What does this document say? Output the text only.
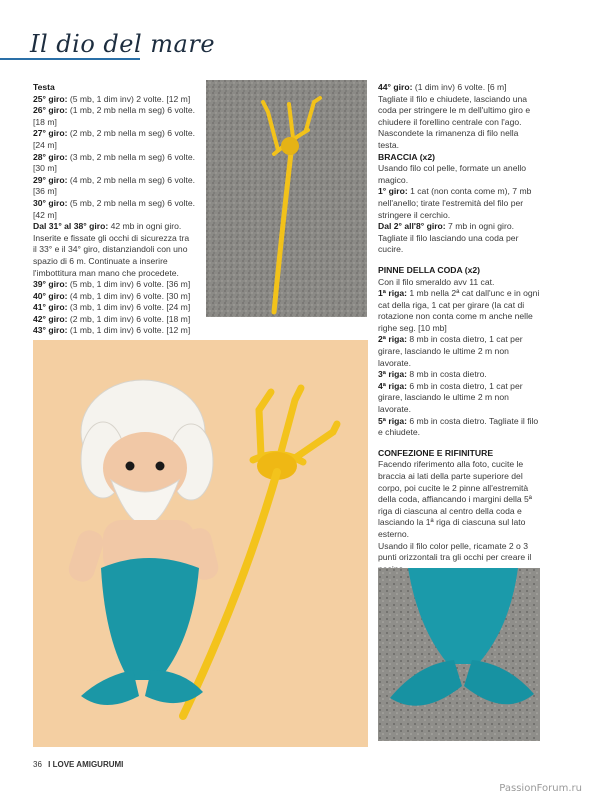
Il dio del mare

Testa

25° giro: (5 mb, 1 dim inv) 2 volte. [12 m]

26° giro: (1 mb, 2 mb nella m seg) 6 volte. [18 m]

27° giro: (2 mb, 2 mb nella m seg) 6 volte. [24 m]

28° giro: (3 mb, 2 mb nella m seg) 6 volte. [30 m]

29° giro: (4 mb, 2 mb nella m seg) 6 volte. [36 m]

30° giro: (5 mb, 2 mb nella m seg) 6 volte. [42 m]

Dal 31° al 38° giro: 42 mb in ogni giro.

Inserite e fissate gli occhi di sicurezza tra il 33° e il 34° giro, distanziandoli con uno spazio di 6 m. Continuate a inserire l'imbottitura man mano che procedete.

39° giro: (5 mb, 1 dim inv) 6 volte. [36 m]

40° giro: (4 mb, 1 dim inv) 6 volte. [30 m]

41° giro: (3 mb, 1 dim inv) 6 volte. [24 m]

42° giro: (2 mb, 1 dim inv) 6 volte. [18 m]

43° giro: (1 mb, 1 dim inv) 6 volte. [12 m]

44° giro: (1 dim inv) 6 volte. [6 m]

Tagliate il filo e chiudete, lasciando una coda per stringere le m dell'ultimo giro e chiudere il forellino centrale con l'ago. Nascondete la rimanenza di filo nella testa.

BRACCIA (x2)

Usando filo col pelle, formate un anello magico.

1° giro: 1 cat (non conta come m), 7 mb nell'anello; tirate l'estremità del filo per stringere il cerchio.

Dal 2° all'8° giro: 7 mb in ogni giro.

Tagliate il filo lasciando una coda per cucire.

PINNE DELLA CODA (x2)

Con il filo smeraldo avv 11 cat.

1ª riga: 1 mb nella 2ª cat dall'unc e in ogni cat della riga, 1 cat per girare (la cat di rotazione non conta come m anche nelle righe seg. [10 mb]

2ª riga: 8 mb in costa dietro, 1 cat per girare, lasciando le ultime 2 m non lavorate.

3ª riga: 8 mb in costa dietro.

4ª riga: 6 mb in costa dietro, 1 cat per girare, lasciando le ultime 2 m non lavorate.

5ª riga: 6 mb in costa dietro. Tagliate il filo e chiudete.

CONFEZIONE E RIFINITURE

Facendo riferimento alla foto, cucite le braccia ai lati della parte superiore del corpo, poi cucite le 2 pinne all'estremità della coda, affiancando i margini della 5ª riga di ciascuna al centro della coda e lasciando la 1ª riga di ciascuna sul lato esterno.

Usando il filo color pelle, ricamate 2 o 3 punti orizzontali tra gli occhi per creare il

36 I LOVE AMIGURUMI
PassionForum.ru
